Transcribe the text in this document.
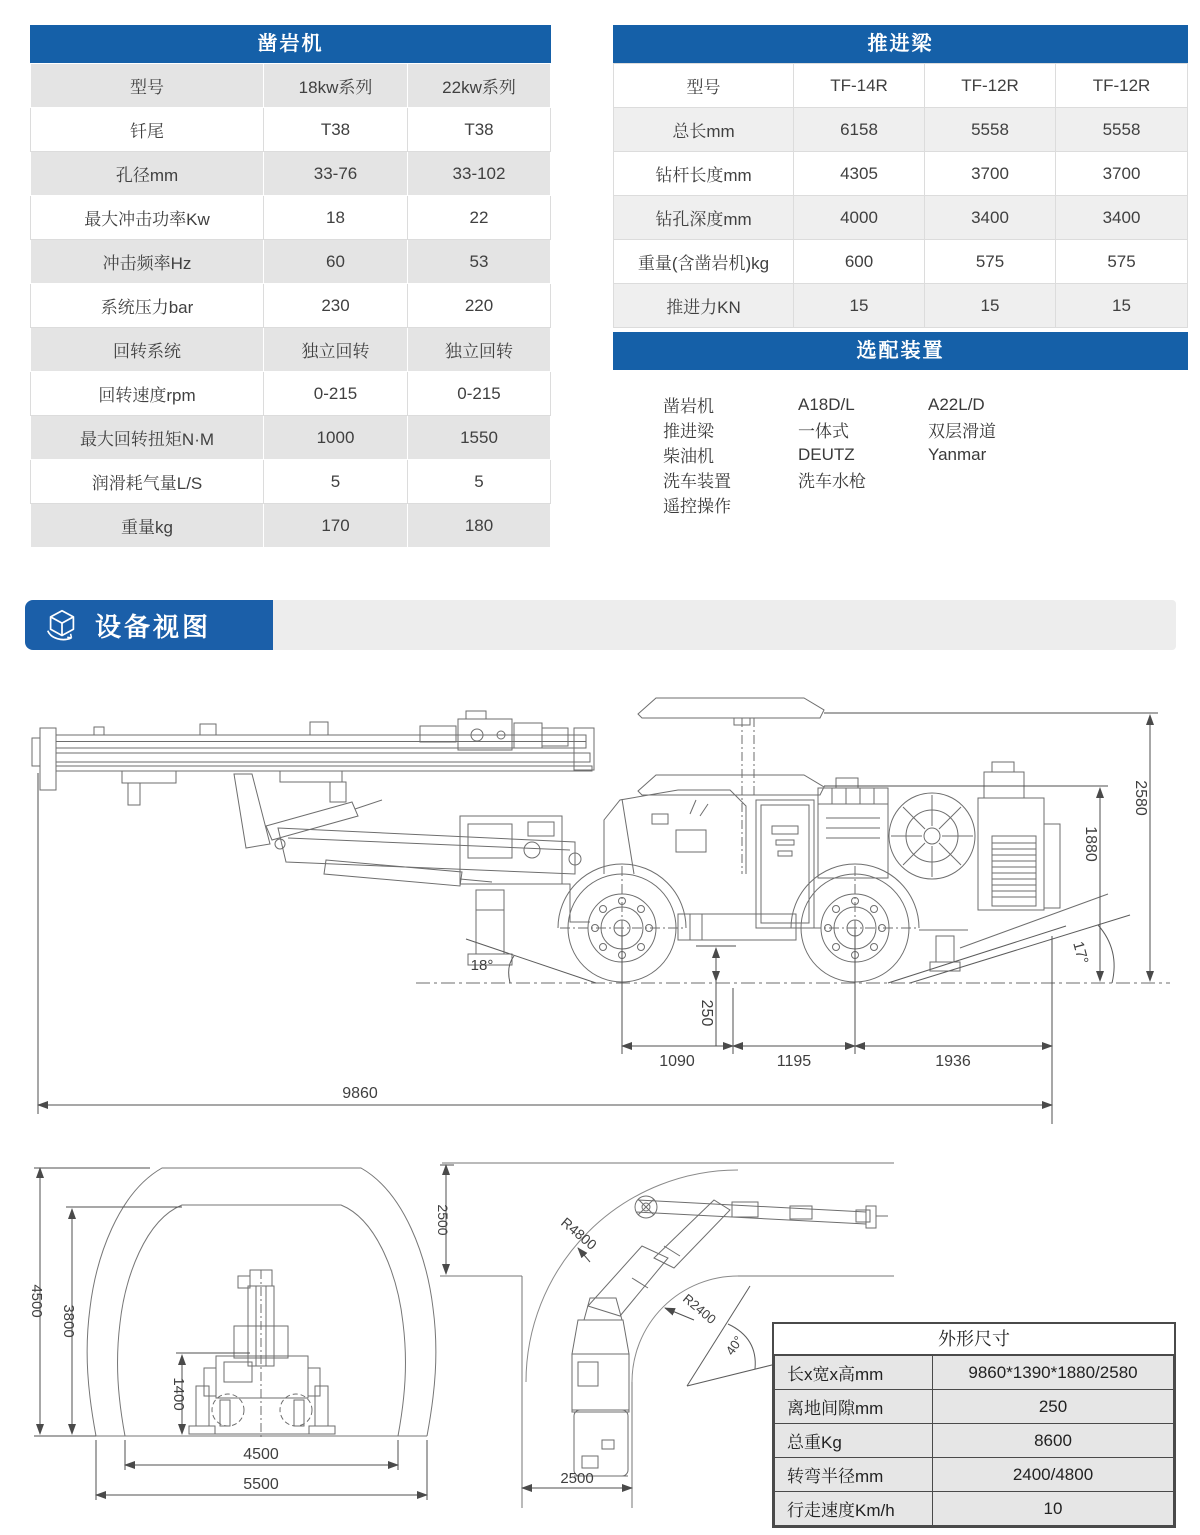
凿岩机
型号	18kw系列	22kw系列
钎尾	T38	T38
孔径mm	33-76	33-102
最大冲击功率Kw	18	22
冲击频率Hz	60	53
系统压力bar	230	220
回转系统	独立回转	独立回转
回转速度rpm	0-215	0-215
最大回转扭矩N·M	1000	1550
润滑耗气量L/S	5	5
重量kg	170	180
推进梁
型号	TF-14R	TF-12R	TF-12R
总长mm	6158	5558	5558
钻杆长度mm	4305	3700	3700
钻孔深度mm	4000	3400	3400
重量(含凿岩机)kg	600	575	575
推进力KN	15	15	15
选配装置
凿岩机	A18D/L	A22L/D
推进梁	一体式	双层滑道
柴油机	DEUTZ	Yanmar
洗车装置	洗车水枪	
遥控操作		
设备视图
2580
1880
250
18°	17°
1090	1195	1936
9860
4500
3800
1400
4500
5500
2500
2500
R4800
R2400
40°	外形尺寸
长x宽x高mm	9860*1390*1880/2580
离地间隙mm	250
总重Kg	8600
转弯半径mm	2400/4800
行走速度Km/h	10
